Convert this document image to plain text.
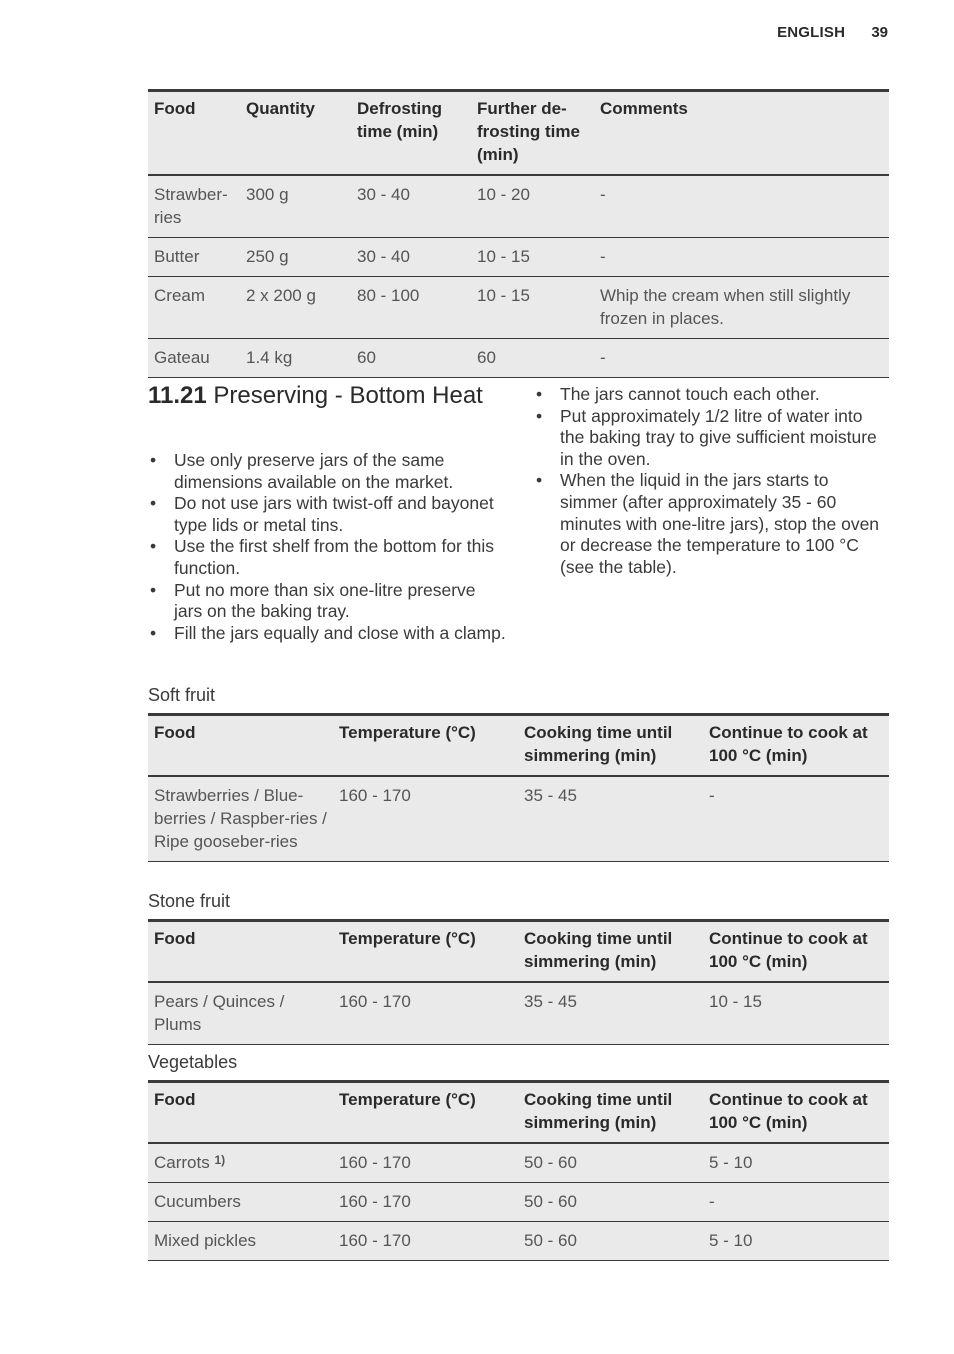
ENGLISH 39
Food	Quantity	Defrosting time (min)	Further de-frosting time (min)	Comments
Strawber-ries	300 g	30 - 40	10 - 20	-
Butter	250 g	30 - 40	10 - 15	-
Cream	2 x 200 g	80 - 100	10 - 15	Whip the cream when still slightly frozen in places.
Gateau	1.4 kg	60	60	-
11.21 Preserving - Bottom Heat
• Use only preserve jars of the same dimensions available on the market.
• Do not use jars with twist-off and bayonet type lids or metal tins.
• Use the first shelf from the bottom for this function.
• Put no more than six one-litre preserve jars on the baking tray.
• Fill the jars equally and close with a clamp.
• The jars cannot touch each other.
• Put approximately 1/2 litre of water into the baking tray to give sufficient moisture in the oven.
• When the liquid in the jars starts to simmer (after approximately 35 - 60 minutes with one-litre jars), stop the oven or decrease the temperature to 100 °C (see the table).
Soft fruit
Food	Temperature (°C)	Cooking time until simmering (min)	Continue to cook at 100 °C (min)
Strawberries / Blue-berries / Raspber-ries / Ripe gooseber-ries	160 - 170	35 - 45	-
Stone fruit
Food	Temperature (°C)	Cooking time until simmering (min)	Continue to cook at 100 °C (min)
Pears / Quinces / Plums	160 - 170	35 - 45	10 - 15
Vegetables
Food	Temperature (°C)	Cooking time until simmering (min)	Continue to cook at 100 °C (min)
Carrots $^{1)}$	160 - 170	50 - 60	5 - 10
Cucumbers	160 - 170	50 - 60	-
Mixed pickles	160 - 170	50 - 60	5 - 10
